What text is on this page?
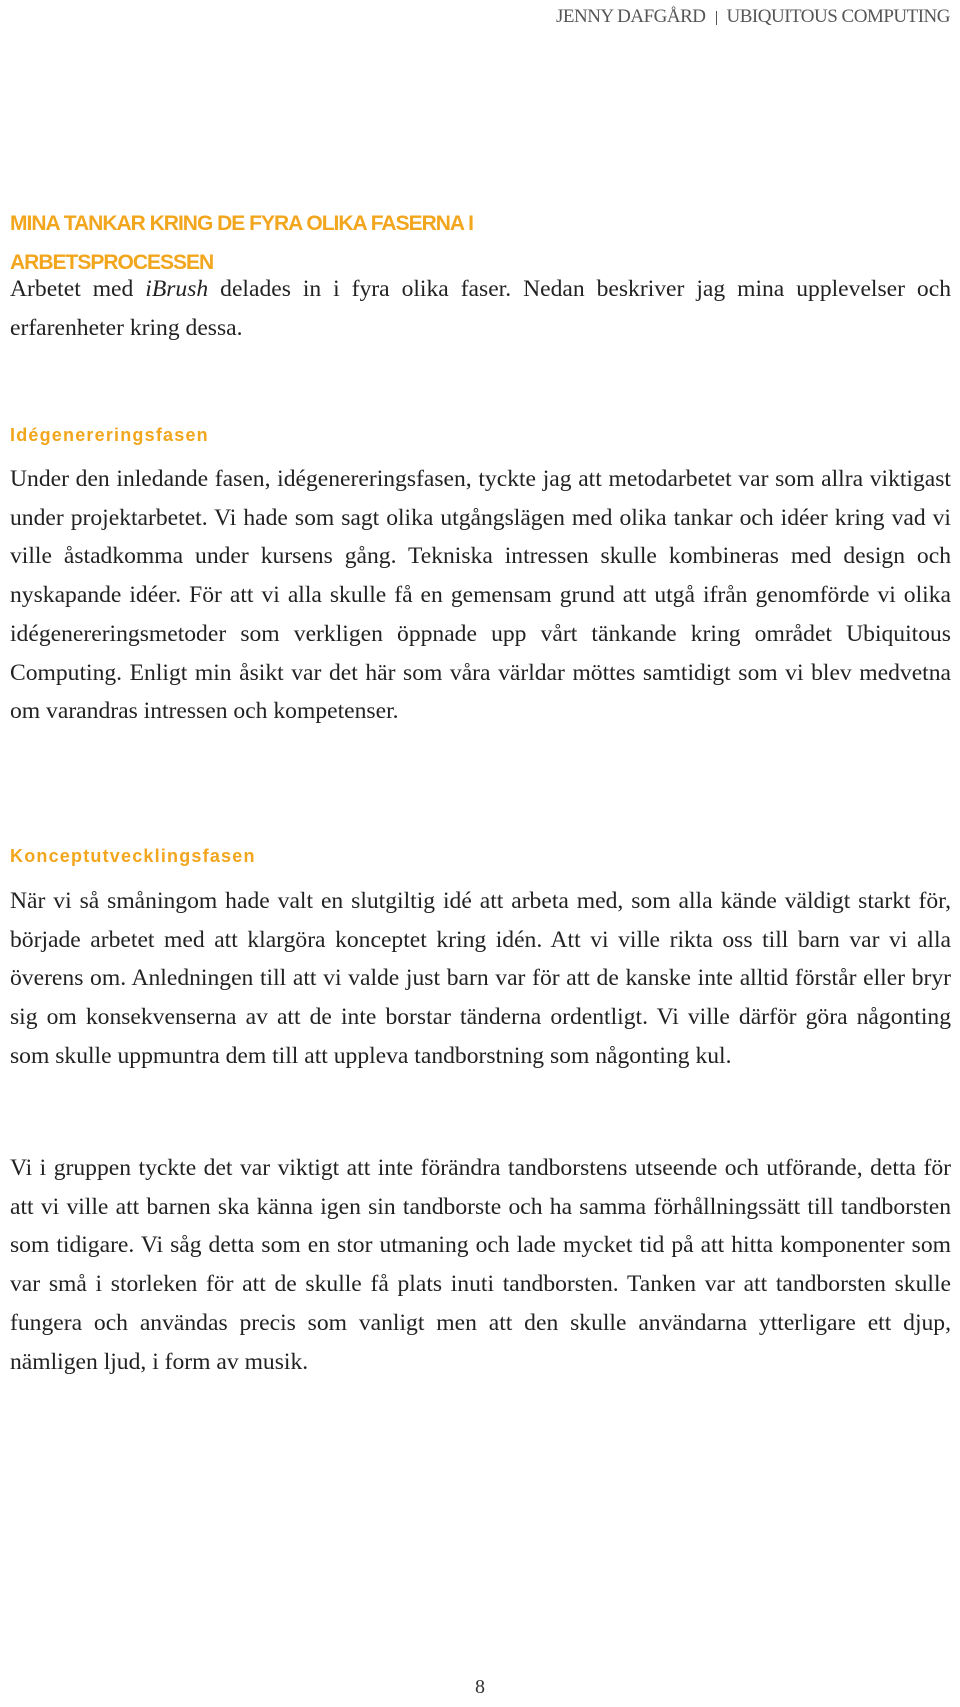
JENNY DAFGÅRD UBIQUITOUS COMPUTING
MINA TANKAR KRING DE FYRA OLIKA FASERNA I
ARBETSPROCESSEN

Arbetet med iBrush delades in i fyra olika faser. Nedan beskriver jag mina upplevelser och erfarenheter kring dessa.

Idégenereringsfasen

Under den inledande fasen, idégenereringsfasen, tyckte jag att metodarbetet var som allra viktigast under projektarbetet. Vi hade som sagt olika utgångslägen med olika tankar och idéer kring vad vi ville åstadkomma under kursens gång. Tekniska intressen skulle kombineras med design och nyskapande idéer. För att vi alla skulle få en gemensam grund att utgå ifrån genomförde vi olika idégenereringsmetoder som verkligen öppnade upp vårt tänkande kring området Ubiquitous Computing. Enligt min åsikt var det här som våra världar möttes samtidigt som vi blev medvetna om varandras intressen och kompetenser.

Konceptutvecklingsfasen

När vi så småningom hade valt en slutgiltig idé att arbeta med, som alla kände väldigt starkt för, började arbetet med att klargöra konceptet kring idén. Att vi ville rikta oss till barn var vi alla överens om. Anledningen till att vi valde just barn var för att de kanske inte alltid förstår eller bryr sig om konsekvenserna av att de inte borstar tänderna ordentligt. Vi ville därför göra någonting som skulle uppmuntra dem till att uppleva tandborstning som någonting kul.

Vi i gruppen tyckte det var viktigt att inte förändra tandborstens utseende och utförande, detta för att vi ville att barnen ska känna igen sin tandborste och ha samma förhållningssätt till tandborsten som tidigare. Vi såg detta som en stor utmaning och lade mycket tid på att hitta komponenter som var små i storleken för att de skulle få plats inuti tandborsten. Tanken var att tandborsten skulle fungera och användas precis som vanligt men att den skulle användarna ytterligare ett djup, nämligen ljud, i form av musik.

8
